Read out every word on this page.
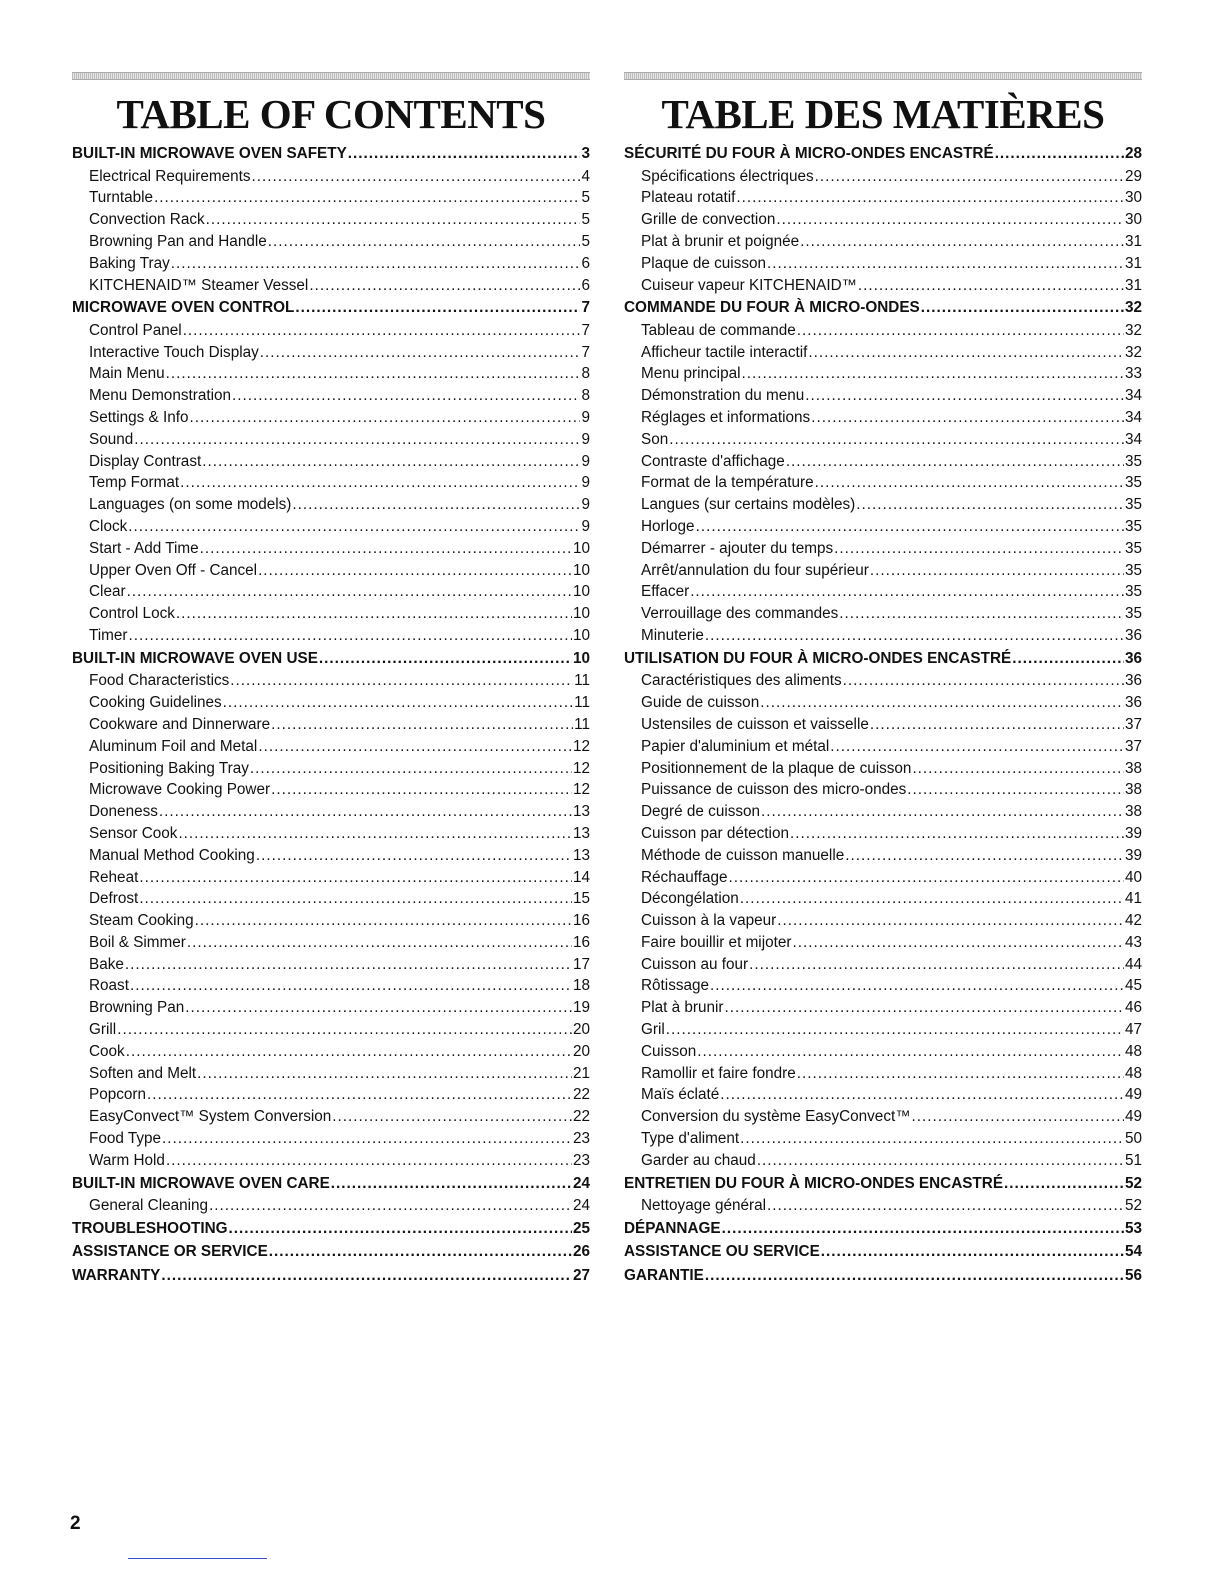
TABLE OF CONTENTS
BUILT-IN MICROWAVE OVEN SAFETY .....	3
Electrical Requirements .....	4
Turntable .....	5
Convection Rack .....	5
Browning Pan and Handle .....	5
Baking Tray .....	6
KITCHENAID™ Steamer Vessel .....	6
MICROWAVE OVEN CONTROL .....	7
Control Panel .....	7
Interactive Touch Display .....	7
Main Menu .....	8
Menu Demonstration .....	8
Settings & Info .....	9
Sound .....	9
Display Contrast .....	9
Temp Format .....	9
Languages (on some models) .....	9
Clock .....	9
Start - Add Time .....	10
Upper Oven Off - Cancel .....	10
Clear .....	10
Control Lock .....	10
Timer .....	10
BUILT-IN MICROWAVE OVEN USE .....	10
Food Characteristics .....	11
Cooking Guidelines .....	11
Cookware and Dinnerware .....	11
Aluminum Foil and Metal .....	12
Positioning Baking Tray .....	12
Microwave Cooking Power .....	12
Doneness .....	13
Sensor Cook .....	13
Manual Method Cooking .....	13
Reheat .....	14
Defrost .....	15
Steam Cooking .....	16
Boil & Simmer .....	16
Bake .....	17
Roast .....	18
Browning Pan .....	19
Grill .....	20
Cook .....	20
Soften and Melt .....	21
Popcorn .....	22
EasyConvect™ System Conversion .....	22
Food Type .....	23
Warm Hold .....	23
BUILT-IN MICROWAVE OVEN CARE .....	24
General Cleaning .....	24
TROUBLESHOOTING .....	25
ASSISTANCE OR SERVICE .....	26
WARRANTY .....	27
TABLE DES MATIÈRES
SÉCURITÉ DU FOUR À MICRO-ONDES ENCASTRÉ .....	28
Spécifications électriques .....	29
Plateau rotatif .....	30
Grille de convection .....	30
Plat à brunir et poignée .....	31
Plaque de cuisson .....	31
Cuiseur vapeur KITCHENAID™ .....	31
COMMANDE DU FOUR À MICRO-ONDES .....	32
Tableau de commande .....	32
Afficheur tactile interactif .....	32
Menu principal .....	33
Démonstration du menu .....	34
Réglages et informations .....	34
Son .....	34
Contraste d'affichage .....	35
Format de la température .....	35
Langues (sur certains modèles) .....	35
Horloge .....	35
Démarrer - ajouter du temps .....	35
Arrêt/annulation du four supérieur .....	35
Effacer .....	35
Verrouillage des commandes .....	35
Minuterie .....	36
UTILISATION DU FOUR À MICRO-ONDES ENCASTRÉ .....	36
Caractéristiques des aliments .....	36
Guide de cuisson .....	36
Ustensiles de cuisson et vaisselle .....	37
Papier d'aluminium et métal .....	37
Positionnement de la plaque de cuisson .....	38
Puissance de cuisson des micro-ondes .....	38
Degré de cuisson .....	38
Cuisson par détection .....	39
Méthode de cuisson manuelle .....	39
Réchauffage .....	40
Décongélation .....	41
Cuisson à la vapeur .....	42
Faire bouillir et mijoter .....	43
Cuisson au four .....	44
Rôtissage .....	45
Plat à brunir .....	46
Gril .....	47
Cuisson .....	48
Ramollir et faire fondre .....	48
Maïs éclaté .....	49
Conversion du système EasyConvect™ .....	49
Type d'aliment .....	50
Garder au chaud .....	51
ENTRETIEN DU FOUR À MICRO-ONDES ENCASTRÉ .....	52
Nettoyage général .....	52
DÉPANNAGE .....	53
ASSISTANCE OU SERVICE .....	54
GARANTIE .....	56
2
